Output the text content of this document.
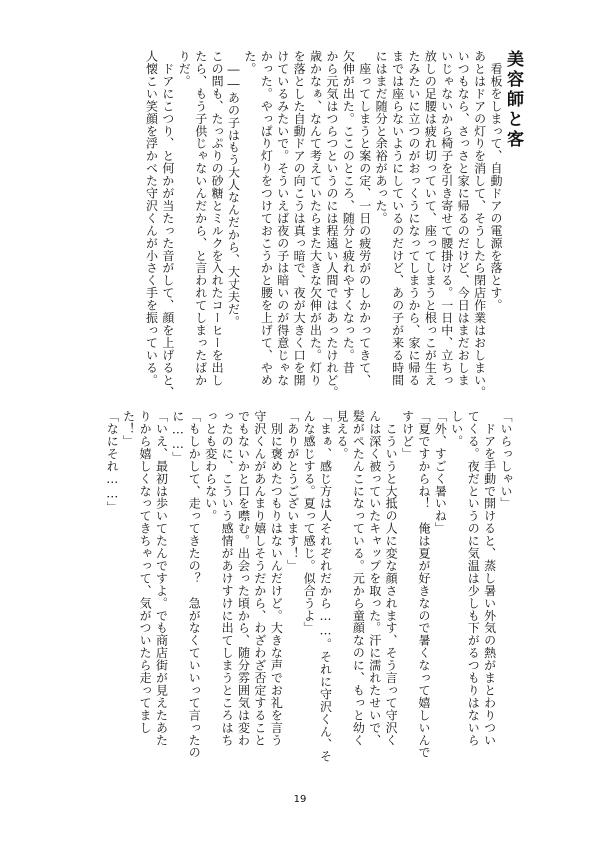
美容師と客
　看板をしまって、自動ドアの電源を落とす。
あとはドアの灯りを消して、そうしたら閉店作業はおしまい。
いつもなら、さっさと家に帰るのだけど、今日はまだおしま
いじゃないから椅子を引き寄せて腰掛ける。一日中、立ちっ
放しの足腰は疲れ切っていて、座ってしまうと根っこが生え
たみたいに立つのがおっくうになってしまうから、家に帰る
までは座らないようにしているのだけど、あの子が来る時間
にはまだ随分と余裕があった。
　座ってしまうと案の定、一日の疲労がのしかかってきて、
欠伸が出た。ここのところ、随分と疲れやすくなった。昔
から元気はつらつというのには程遠い人間ではあったけれど。
歳かなぁ、なんて考えていたらまた大きな欠伸が出た。灯り
を落とした自動ドアの向こうは真っ暗で、夜が大きく口を開
けているみたいで。そういえば夜の子は暗いのが得意じゃな
かった。やっぱり灯りをつけておこうかと腰を上げて、やめ
た。
　――あの子はもう大人なんだから、大丈夫だ。
この間も、たっぷりの砂糖とミルクを入れたコーヒーを出し
たら、もう子供じゃないんだから、と言われてしまったばか
りだ。
　ドアにこつり、と何かが当たった音がして、顔を上げると、
人懐こい笑顔を浮かべた守沢くんが小さく手を振っている。
「いらっしゃい」
　ドアを手動で開けると、蒸し暑い外気の熱がまとわりつい
てくる。夜だというのに気温は少しも下がるつもりはないら
しい。
「外、すごく暑いね」
「夏ですからね！　俺は夏が好きなので暑くなって嬉しいんで
すけど」
　こういうと大抵の人に変な顔されます、そう言って守沢く
んは深く被っていたキャップを取った。汗に濡れたせいで、
髪がぺたんこになっている。元から童顔なのに、もっと幼く
見える。
「まぁ、感じ方は人それぞれだから……。それに守沢くん、そ
んな感じする。夏って感じ。似合うよ」
「ありがとうございます！」
　別に褒めたつもりはないんだけど。大きな声でお礼を言う
守沢くんがあんまり嬉しそうだから、わざわざ否定すること
でもないかと口を噤む。出会った頃から、随分雰囲気は変わ
ったのに、こういう感情があけすけに出てしまうところはち
っとも変わらない。
「もしかして、走ってきたの？　急がなくていいって言ったの
に……」
「いえ、最初は歩いてたんですよ。でも商店街が見えたあた
りから嬉しくなってきちゃって、気がついたら走ってまし
た！」
「なにそれ……」
19
